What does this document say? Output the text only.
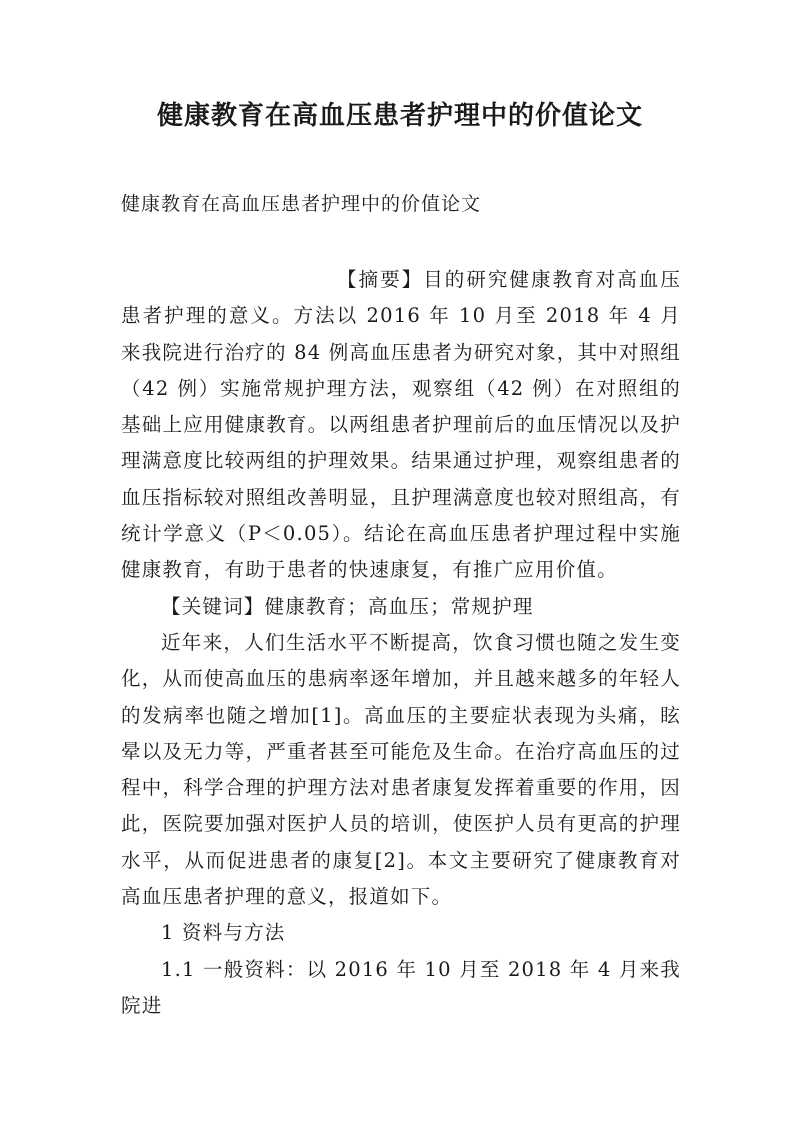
健康教育在高血压患者护理中的价值论文

健康教育在高血压患者护理中的价值论文

【摘要】目的研究健康教育对高血压患者护理的意义。方法以 2016 年 10 月至 2018 年 4 月来我院进行治疗的 84 例高血压患者为研究对象，其中对照组（42 例）实施常规护理方法，观察组（42 例）在对照组的基础上应用健康教育。以两组患者护理前后的血压情况以及护理满意度比较两组的护理效果。结果通过护理，观察组患者的血压指标较对照组改善明显，且护理满意度也较对照组高，有统计学意义（P＜0.05）。结论在高血压患者护理过程中实施健康教育，有助于患者的快速康复，有推广应用价值。

【关键词】健康教育；高血压；常规护理

近年来，人们生活水平不断提高，饮食习惯也随之发生变化，从而使高血压的患病率逐年增加，并且越来越多的年轻人的发病率也随之增加[1]。高血压的主要症状表现为头痛，眩晕以及无力等，严重者甚至可能危及生命。在治疗高血压的过程中，科学合理的护理方法对患者康复发挥着重要的作用，因此，医院要加强对医护人员的培训，使医护人员有更高的护理水平，从而促进患者的康复[2]。本文主要研究了健康教育对高血压患者护理的意义，报道如下。

1 资料与方法

1.1 一般资料：以 2016 年 10 月至 2018 年 4 月来我院进
